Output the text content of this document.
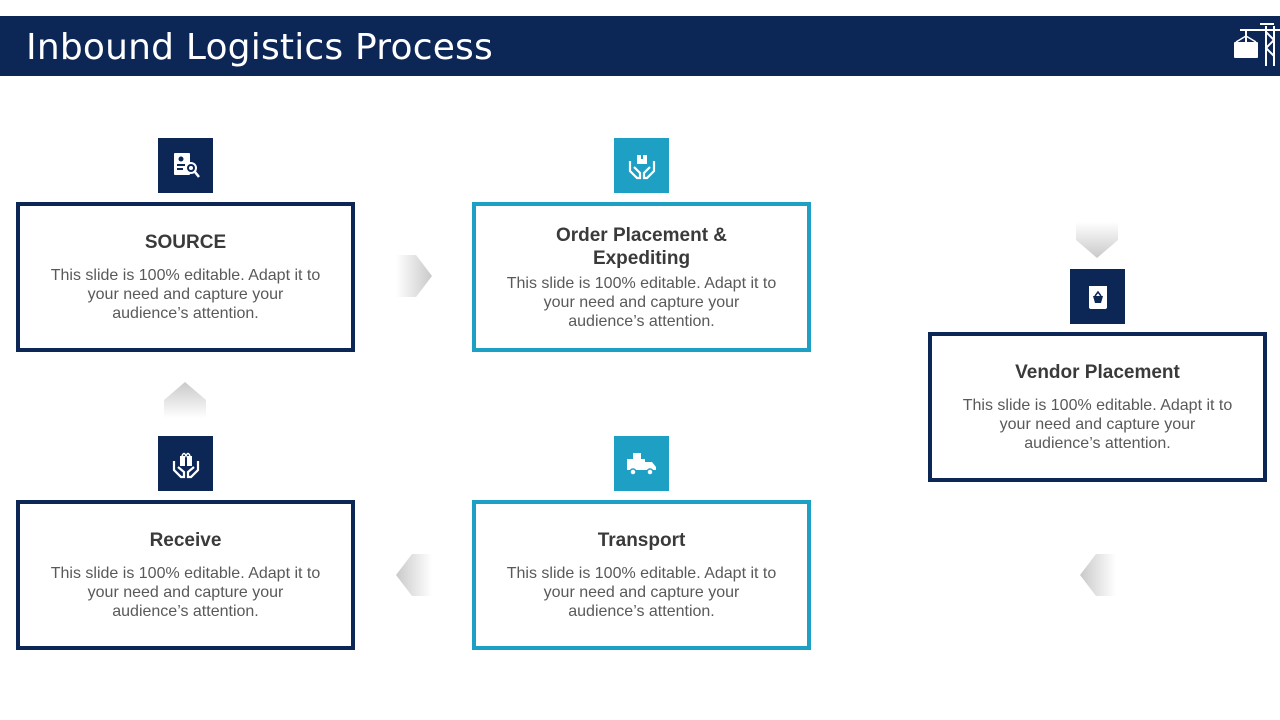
Inbound Logistics Process
SOURCE

This slide is 100% editable. Adapt it to your need and capture your audience’s attention.

Order Placement & Expediting

This slide is 100% editable. Adapt it to your need and capture your audience’s attention.

Vendor Placement

This slide is 100% editable. Adapt it to your need and capture your audience’s attention.

Transport

This slide is 100% editable. Adapt it to your need and capture your audience’s attention.

Receive

This slide is 100% editable. Adapt it to your need and capture your audience’s attention.
